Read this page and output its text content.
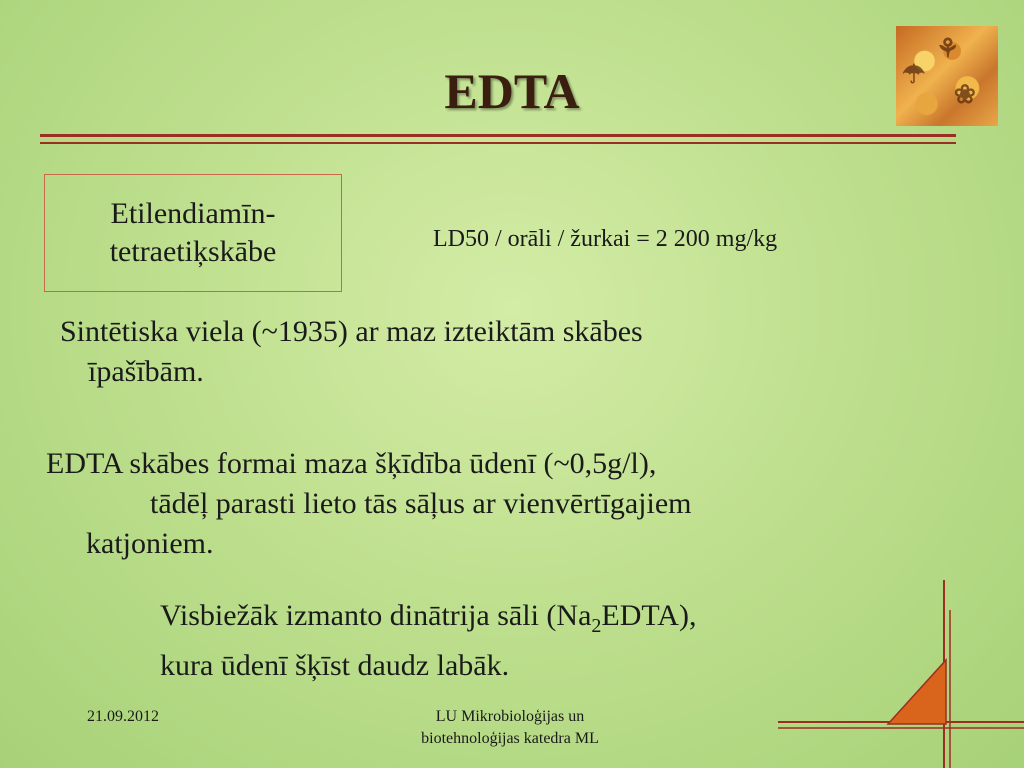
EDTA	☂
⚘
❀
Etilendiamīn-
tetraetiķskābe	LD50 / orāli / žurkai = 2 200 mg/kg
Sintētiska viela (~1935) ar maz izteiktām skābes
īpašībām.
EDTA skābes formai maza šķīdība ūdenī (~0,5g/l),
tādēļ parasti lieto tās sāļus ar vienvērtīgajiem
katjoniem.
Visbiežāk izmanto dinātrija sāli $(Na_2EDTA)$,
kura ūdenī šķīst daudz labāk.
21.09.2012	LU Mikrobioloģijas un
biotehnoloģijas katedra ML
